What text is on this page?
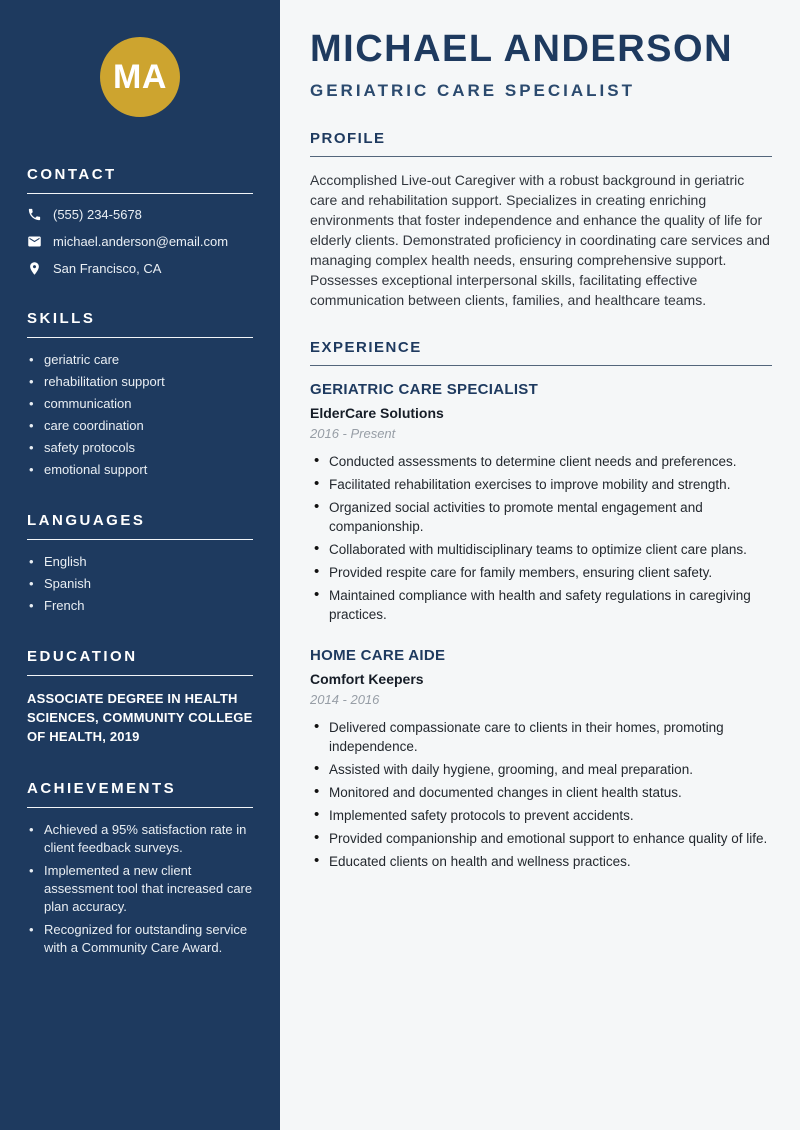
MA
CONTACT
(555) 234-5678
michael.anderson@email.com
San Francisco, CA
SKILLS
• geriatric care
• rehabilitation support
• communication
• care coordination
• safety protocols
• emotional support
LANGUAGES
• English
• Spanish
• French
EDUCATION

ASSOCIATE DEGREE IN HEALTH SCIENCES, COMMUNITY COLLEGE OF HEALTH, 2019

ACHIEVEMENTS
• Achieved a 95% satisfaction rate in client feedback surveys.
• Implemented a new client assessment tool that increased care plan accuracy.
• Recognized for outstanding service with a Community Care Award.
MICHAEL ANDERSON
GERIATRIC CARE SPECIALIST
PROFILE

Accomplished Live-out Caregiver with a robust background in geriatric care and rehabilitation support. Specializes in creating enriching environments that foster independence and enhance the quality of life for elderly clients. Demonstrated proficiency in coordinating care services and managing complex health needs, ensuring comprehensive support. Possesses exceptional interpersonal skills, facilitating effective communication between clients, families, and healthcare teams.

EXPERIENCE
GERIATRIC CARE SPECIALIST
ElderCare Solutions
2016 - Present
• Conducted assessments to determine client needs and preferences.
• Facilitated rehabilitation exercises to improve mobility and strength.
• Organized social activities to promote mental engagement and companionship.
• Collaborated with multidisciplinary teams to optimize client care plans.
• Provided respite care for family members, ensuring client safety.
• Maintained compliance with health and safety regulations in caregiving practices.
HOME CARE AIDE
Comfort Keepers
2014 - 2016
• Delivered compassionate care to clients in their homes, promoting independence.
• Assisted with daily hygiene, grooming, and meal preparation.
• Monitored and documented changes in client health status.
• Implemented safety protocols to prevent accidents.
• Provided companionship and emotional support to enhance quality of life.
• Educated clients on health and wellness practices.
